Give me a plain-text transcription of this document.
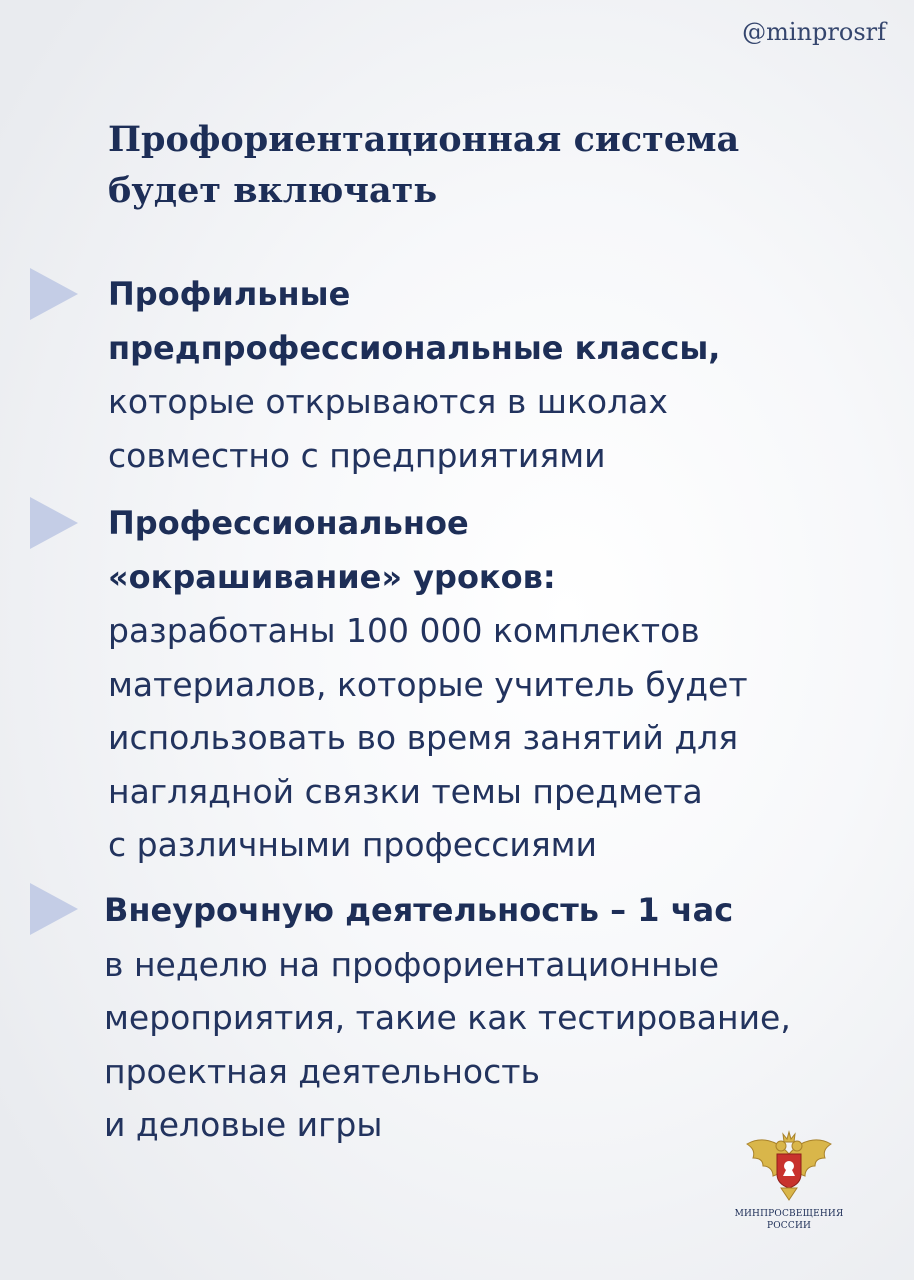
@minprosrf
Профориентационная система
будет включать
Профильные
предпрофессиональные классы,
которые открываются в школах
совместно с предприятиями
Профессиональное
«окрашивание» уроков:
разработаны 100 000 комплектов
материалов, которые учитель будет
использовать во время занятий для
наглядной связки темы предмета
с различными профессиями
Внеурочную деятельность – 1 час
в неделю на профориентационные
мероприятия, такие как тестирование,
проектная деятельность
и деловые игры
МИНПРОСВЕЩЕНИЯ
РОССИИ
